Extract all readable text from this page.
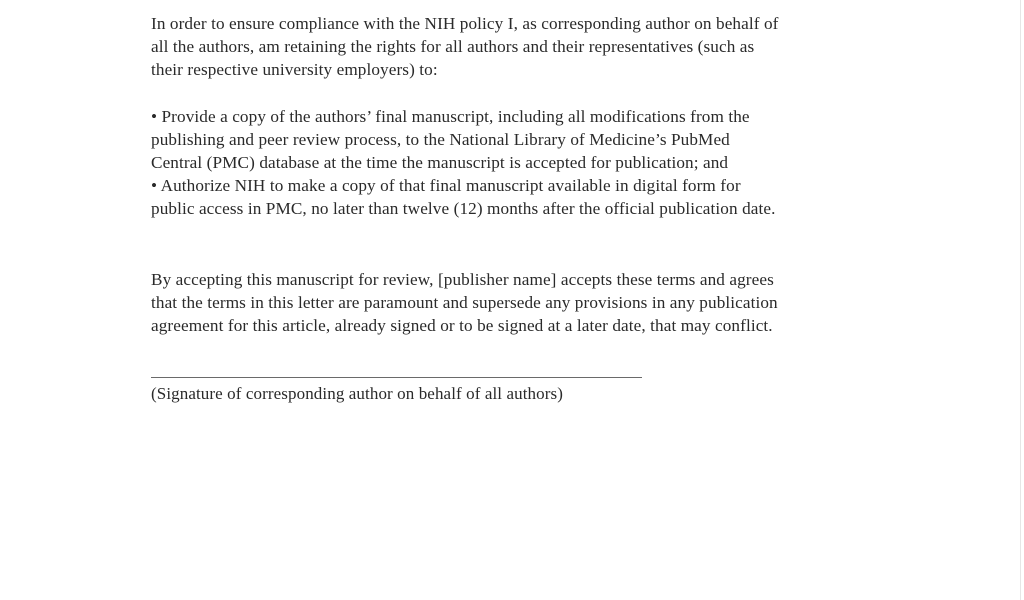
In order to ensure compliance with the NIH policy I, as corresponding author on behalf of
all the authors, am retaining the rights for all authors and their representatives (such as
their respective university employers) to:

• Provide a copy of the authors’ final manuscript, including all modifications from the
publishing and peer review process, to the National Library of Medicine’s PubMed
Central (PMC) database at the time the manuscript is accepted for publication; and
• Authorize NIH to make a copy of that final manuscript available in digital form for
public access in PMC, no later than twelve (12) months after the official publication date.

By accepting this manuscript for review, [publisher name] accepts these terms and agrees
that the terms in this letter are paramount and supersede any provisions in any publication
agreement for this article, already signed or to be signed at a later date, that may conflict.

(Signature of corresponding author on behalf of all authors)
